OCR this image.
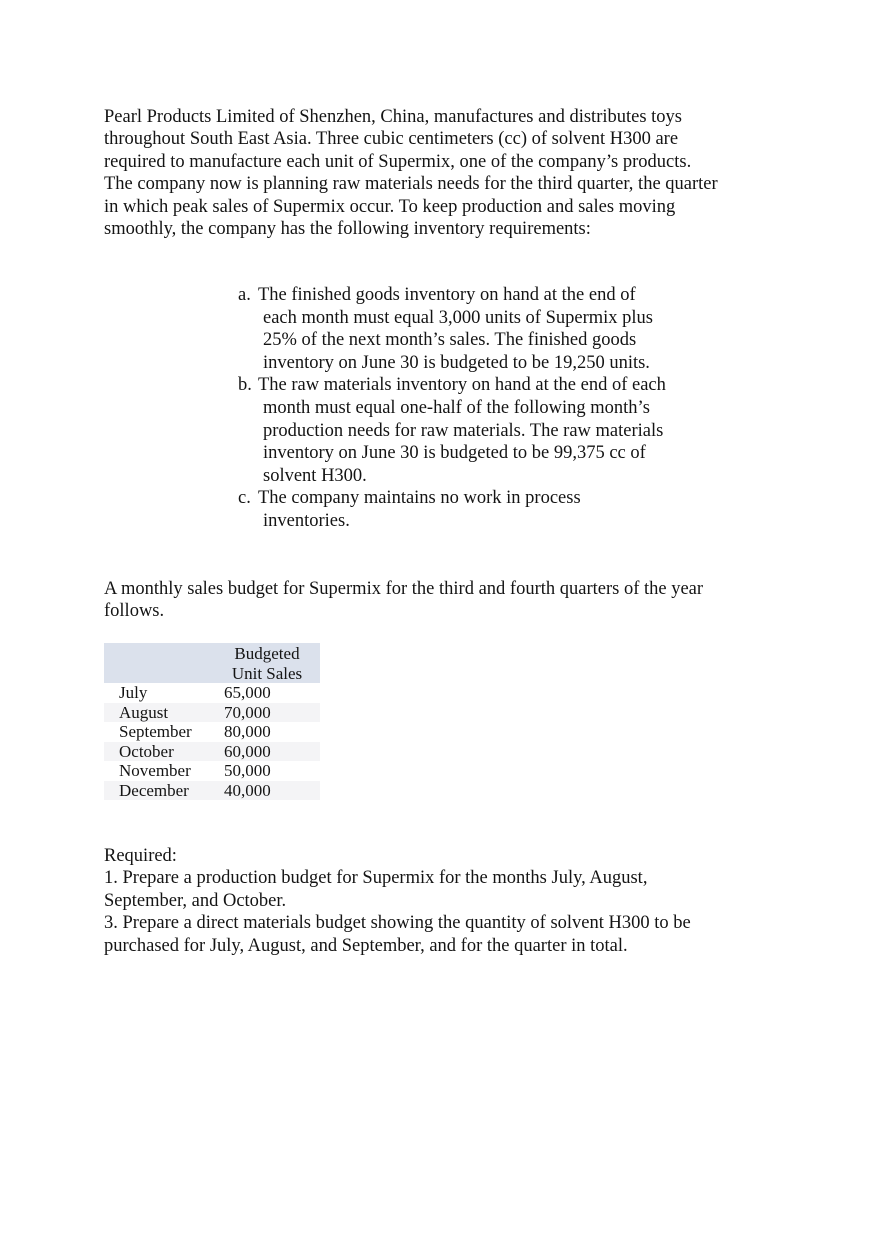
Pearl Products Limited of Shenzhen, China, manufactures and distributes toys throughout South East Asia. Three cubic centimeters (cc) of solvent H300 are required to manufacture each unit of Supermix, one of the company’s products. The company now is planning raw materials needs for the third quarter, the quarter in which peak sales of Supermix occur. To keep production and sales moving smoothly, the company has the following inventory requirements:

a. The finished goods inventory on hand at the end of each month must equal 3,000 units of Supermix plus 25% of the next month’s sales. The finished goods inventory on June 30 is budgeted to be 19,250 units.
b. The raw materials inventory on hand at the end of each month must equal one-half of the following month’s production needs for raw materials. The raw materials inventory on June 30 is budgeted to be 99,375 cc of solvent H300.
c. The company maintains no work in process inventories.

A monthly sales budget for Supermix for the third and fourth quarters of the year follows.

	Budgeted
Unit Sales
July	65,000
August	70,000
September	80,000
October	60,000
November	50,000
December	40,000

Required:

1. Prepare a production budget for Supermix for the months July, August, September, and October.

3. Prepare a direct materials budget showing the quantity of solvent H300 to be purchased for July, August, and September, and for the quarter in total.
